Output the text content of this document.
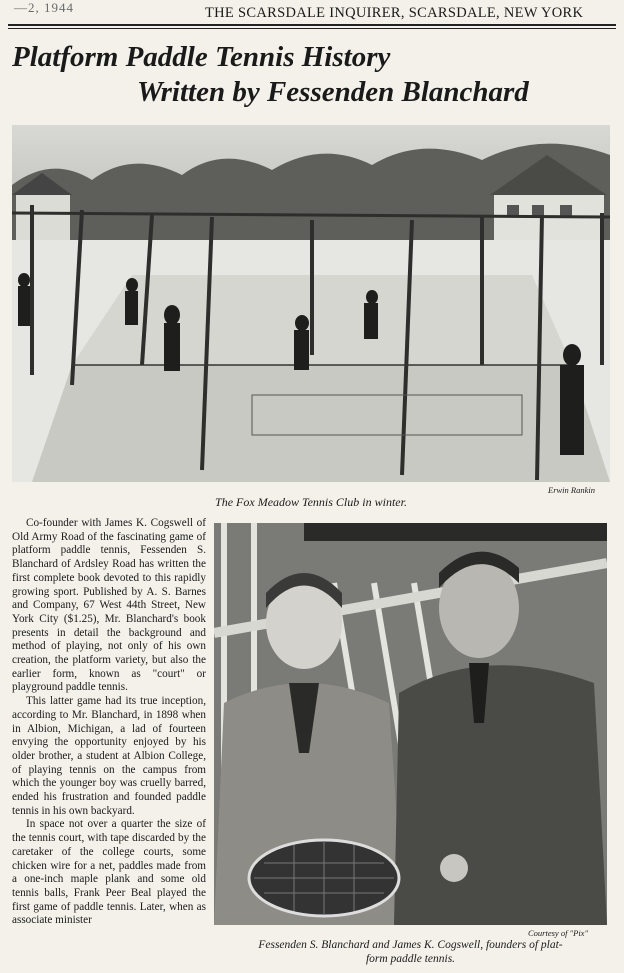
—2, 1944	THE SCARSDALE INQUIRER, SCARSDALE, NEW YORK
Platform Paddle Tennis History
Written by Fessenden Blanchard
Erwin Rankin
The Fox Meadow Tennis Club in winter.

Co-founder with James K. Cogswell of Old Army Road of the fascinating game of platform paddle tennis, Fessenden S. Blanchard of Ardsley Road has written the first complete book devoted to this rapidly growing sport. Published by A. S. Barnes and Company, 67 West 44th Street, New York City ($1.25), Mr. Blanchard's book presents in detail the background and method of playing, not only of his own creation, the platform variety, but also the earlier form, known as "court" or playground paddle tennis.

This latter game had its true inception, according to Mr. Blanchard, in 1898 when in Albion, Michigan, a lad of fourteen envying the opportunity enjoyed by his older brother, a student at Albion College, of playing tennis on the campus from which the younger boy was cruelly barred, ended his frustration and founded paddle tennis in his own backyard.

In space not over a quarter the size of the tennis court, with tape discarded by the caretaker of the college courts, some chicken wire for a net, paddles made from a one-inch maple plank and some old tennis balls, Frank Peer Beal played the first game of paddle tennis. Later, when as associate minister

Courtesy of "Pix"
Fessenden S. Blanchard and James K. Cogswell, founders of plat-
form paddle tennis.
